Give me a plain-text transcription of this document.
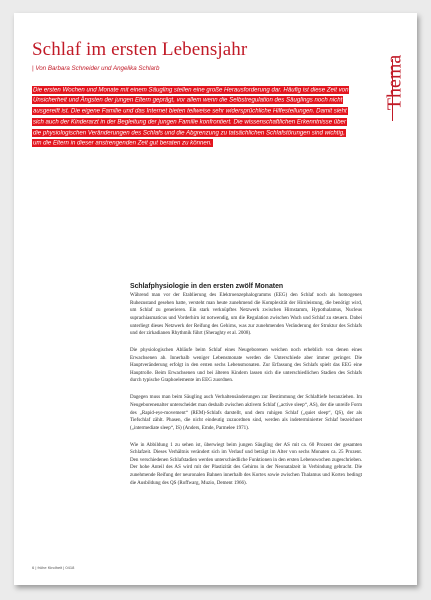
Schlaf im ersten Lebensjahr
| Von Barbara Schneider und Angelika Schlarb	Thema

Die ersten Wochen und Monate mit einem Säugling stellen eine große Herausforderung dar. Häufig ist diese Zeit von Unsicherheit und Ängsten der jungen Eltern geprägt, vor allem wenn die Selbstregulation des Säuglings noch nicht ausgereift ist. Die eigene Familie und das Internet bieten teilweise sehr widersprüchliche Hilfestellungen. Damit sieht sich auch der Kinderarzt in der Begleitung der jungen Familie konfrontiert. Die wissenschaftlichen Erkenntnisse über die physiologischen Veränderungen des Schlafs und die Abgrenzung zu tatsächlichen Schlafstörungen sind wichtig, um die Eltern in dieser anstrengenden Zeit gut beraten zu können.

Schlafphysiologie in den ersten zwölf Monaten

Während man vor der Etablierung des Elektroenzephalogramms (EEG) den Schlaf noch als homogenen Ruhezustand gesehen hatte, versteht man heute zunehmend die Komplexität der Hirnleistung, die benötigt wird, um Schlaf zu generieren. Ein stark verknüpftes Netzwerk zwischen Hirnstamm, Hypothalamus, Nucleus suprachiasmaticus und Vorderhirn ist notwendig, um die Regulation zwischen Wach und Schlaf zu steuern. Dabei unterliegt dieses Netzwerk der Reifung des Gehirns, was zur zunehmenden Veränderung der Struktur des Schlafs und der zirkadianen Rhythmik führt (Sheraghty et al. 2008).

Die physiologischen Abläufe beim Schlaf eines Neugeborenen weichen noch erheblich von denen eines Erwachsenen ab. Innerhalb weniger Lebensmonate werden die Unterschiede aber immer geringer. Die Hauptveränderung erfolgt in den ersten sechs Lebensmonaten. Zur Erfassung des Schlafs spielt das EEG eine Hauptrolle. Beim Erwachsenen und bei älteren Kindern lassen sich die unterschiedlichen Stadien des Schlafs durch typische Graphoelemente im EEG zuordnen.

Dagegen muss man beim Säugling auch Verhaltensänderungen zur Bestimmung der Schlaftiefe heranziehen. Im Neugeborenenalter unterscheidet man deshalb zwischen aktivem Schlaf („active sleep“, AS), der die unreife Form des „Rapid-eye-movement“ (REM)-Schlafs darstellt, und dem ruhigen Schlaf („quiet sleep“, QS), der als Tiefschlaf zählt. Phasen, die nicht eindeutig zuzuordnen sind, werden als indeterminierter Schlaf bezeichnet („intermediate sleep“, IS) (Anders, Emde, Parmelee 1971).

Wie in Abbildung 1 zu sehen ist, überwiegt beim jungen Säugling der AS mit ca. 60 Prozent der gesamten Schlafzeit. Dieses Verhältnis verändert sich im Verlauf und beträgt im Alter von sechs Monaten ca. 25 Prozent. Den verschiedenen Schlafstadien werden unterschiedliche Funktionen in den ersten Lebenswochen zugeschrieben. Der hohe Anteil des AS wird mit der Plastizität des Gehirns in der Neonatalzeit in Verbindung gebracht. Die zunehmende Reifung der neuronalen Bahnen innerhalb des Kortex sowie zwischen Thalamus und Kortex bedingt die Ausbildung des QS (Roffwarg, Muzio, Dement 1966).

6 | frühe Kindheit | 0418
